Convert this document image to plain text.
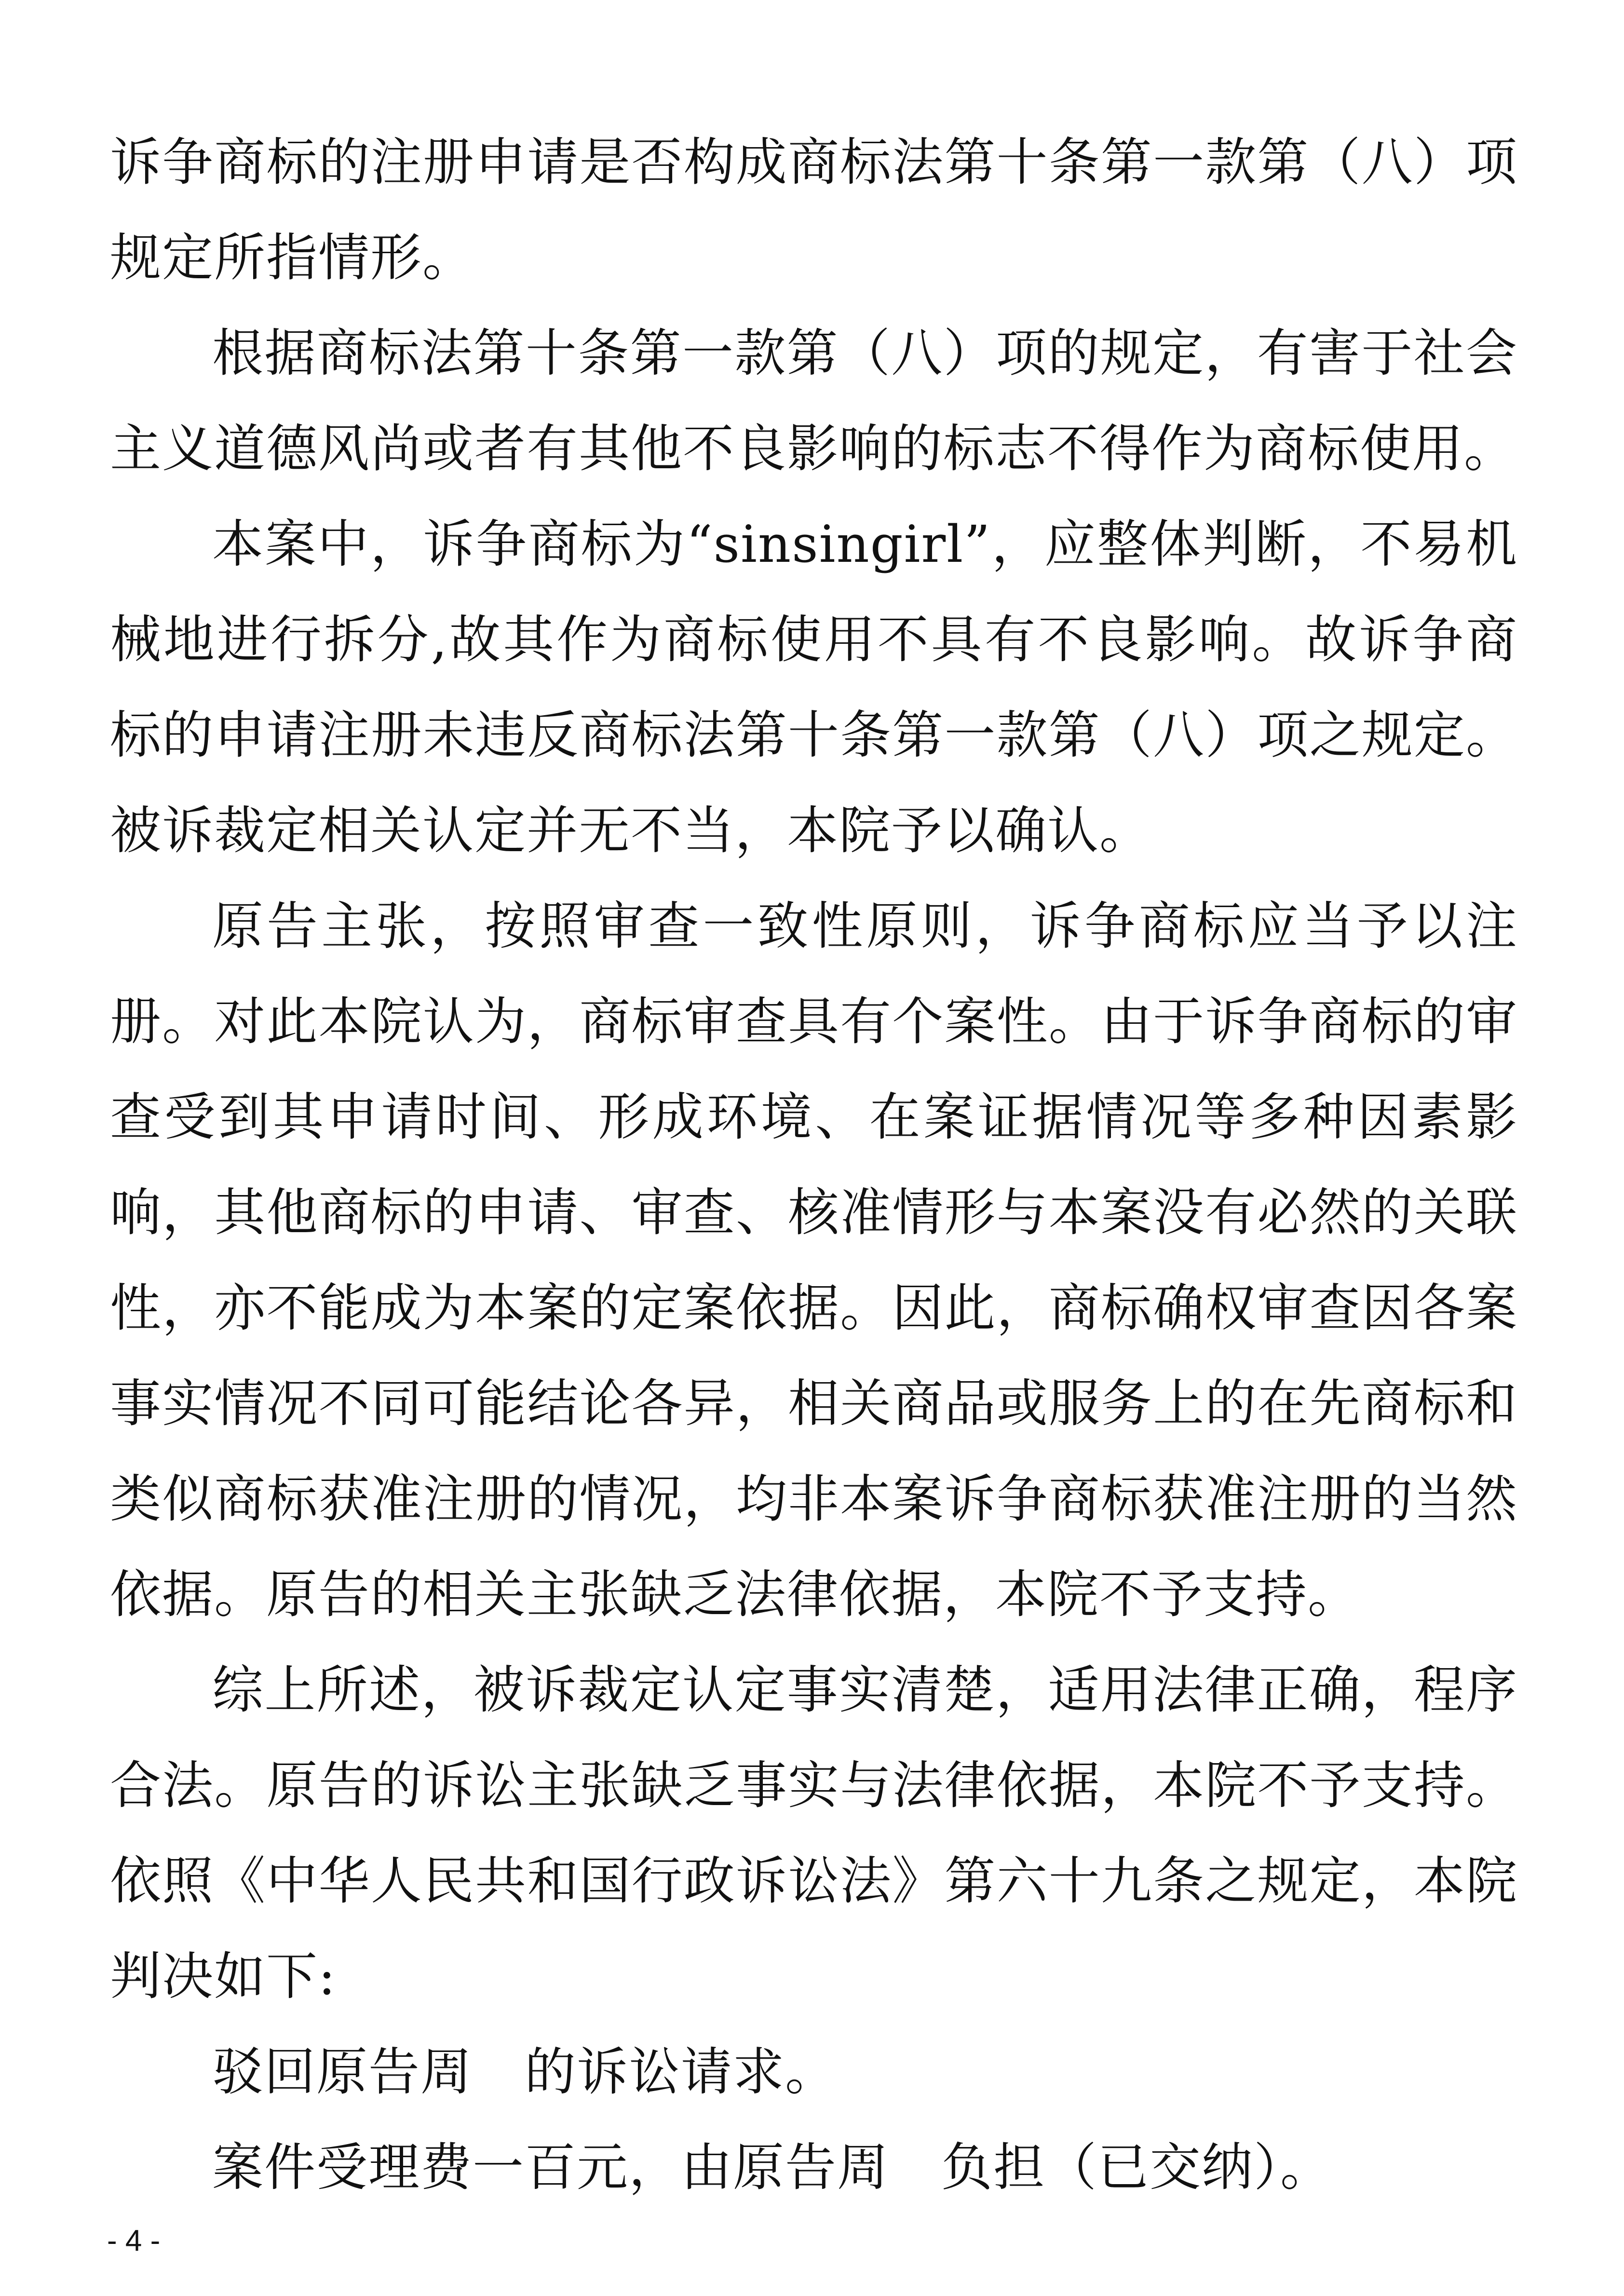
诉争商标的注册申请是否构成商标法第十条第一款第（八）项规定所指情形。

根据商标法第十条第一款第（八）项的规定，有害于社会主义道德风尚或者有其他不良影响的标志不得作为商标使用。

本案中，诉争商标为“sinsingirl”，应整体判断，不易机械地进行拆分,故其作为商标使用不具有不良影响。故诉争商标的申请注册未违反商标法第十条第一款第（八）项之规定。被诉裁定相关认定并无不当，本院予以确认。

原告主张，按照审查一致性原则，诉争商标应当予以注册。对此本院认为，商标审查具有个案性。由于诉争商标的审查受到其申请时间、形成环境、在案证据情况等多种因素影响，其他商标的申请、审查、核准情形与本案没有必然的关联性，亦不能成为本案的定案依据。因此，商标确权审查因各案事实情况不同可能结论各异，相关商品或服务上的在先商标和类似商标获准注册的情况，均非本案诉争商标获准注册的当然依据。原告的相关主张缺乏法律依据，本院不予支持。

综上所述，被诉裁定认定事实清楚，适用法律正确，程序合法。原告的诉讼主张缺乏事实与法律依据，本院不予支持。依照《中华人民共和国行政诉讼法》第六十九条之规定，本院判决如下:

驳回原告周　的诉讼请求。

案件受理费一百元，由原告周　负担（已交纳）。

- 4 -
